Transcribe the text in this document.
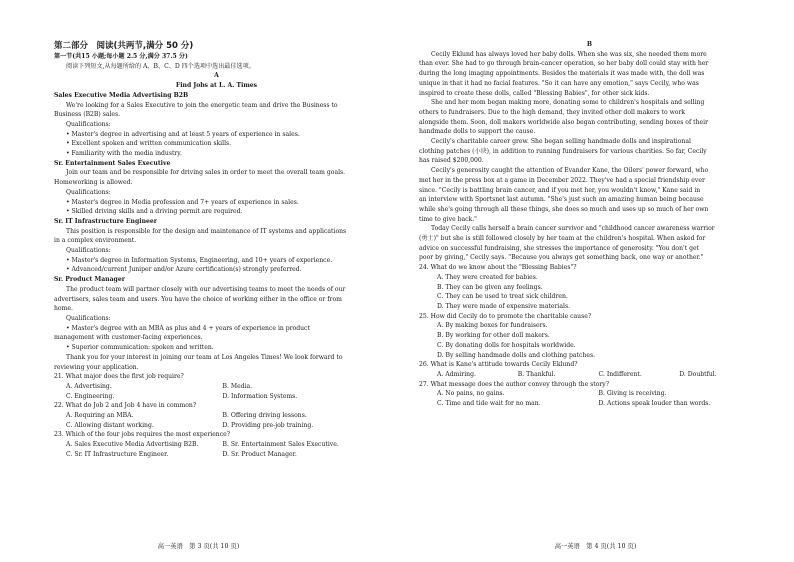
第二部分　阅读(共两节,满分 50 分)
第一节(共15 小题;每小题 2.5 分,满分 37.5 分)
阅读下列短文,从每题所给的 A、B、C、D 四个选项中选出最佳选项。
A
Find Jobs at L. A. Times
Sales Executive Media Advertising B2B
We're looking for a Sales Executive to join the energetic team and drive the Business to
Business (B2B) sales.
Qualifications:
• Master's degree in advertising and at least 5 years of experience in sales.
• Excellent spoken and written communication skills.
• Familiarity with the media industry.
Sr. Entertainment Sales Executive
Join our team and be responsible for driving sales in order to meet the overall team goals.
Homeworking is allowed.
Qualifications:
• Master's degree in Media profession and 7+ years of experience in sales.
• Skilled driving skills and a driving permit are required.
Sr. IT Infrastructure Engineer
This position is responsible for the design and maintenance of IT systems and applications
in a complex environment.
Qualifications:
• Master's degree in Information Systems, Engineering, and 10+ years of experience.
• Advanced/current Juniper and/or Azure certification(s) strongly preferred.
Sr. Product Manager
The product team will partner closely with our advertising teams to meet the needs of our
advertisers, sales team and users. You have the choice of working either in the office or from
home.
Qualifications:
• Master's degree with an MBA as plus and 4 + years of experience in product
management with customer-facing experiences.
• Superior communication: spoken and written.
Thank you for your interest in joining our team at Los Angeles Times! We look forward to
reviewing your application.
21. What major does the first job require?
A. Advertising.	B. Media.
C. Engineering.	D. Information Systems.
22. What do Job 2 and Job 4 have in common?
A. Requiring an MBA.	B. Offering driving lessons.
C. Allowing distant working.	D. Providing pre-job training.
23. Which of the four jobs requires the most experience?
A. Sales Executive Media Advertising B2B.	B. Sr. Entertainment Sales Executive.
C. Sr. IT Infrastructure Engineer.	D. Sr. Product Manager.
高一英语　第 3 页(共 10 页)
B
Cecily Eklund has always loved her baby dolls. When she was six, she needed them more
than ever. She had to go through brain-cancer operation, so her baby doll could stay with her
during the long imaging appointments. Besides the materials it was made with, the doll was
unique in that it had no facial features. "So it can have any emotion," says Cecily, who was
inspired to create these dolls, called "Blessing Babies", for other sick kids.
She and her mom began making more, donating some to children's hospitals and selling
others to fundraisers. Due to the high demand, they invited other doll makers to work
alongside them. Soon, doll makers worldwide also began contributing, sending boxes of their
handmade dolls to support the cause.
Cecily's charitable career grew. She began selling handmade dolls and inspirational
clothing patches (小块), in addition to running fundraisers for various charities. So far, Cecily
has raised $200,000.
Cecily's generosity caught the attention of Evander Kane, the Oilers' power forward, who
met her in the press box at a game in December 2022. They've had a special friendship ever
since. "Cecily is battling brain cancer, and if you met her, you wouldn't know," Kane said in
an interview with Sportsnet last autumn. "She's just such an amazing human being because
while she's going through all these things, she does so much and uses up so much of her own
time to give back."
Today Cecily calls herself a brain cancer survivor and "childhood cancer awareness warrior
(勇士)" but she is still followed closely by her team at the children's hospital. When asked for
advice on successful fundraising, she stresses the importance of generosity. "You don't get
poor by giving," Cecily says. "Because you always get something back, one way or another."
24. What do we know about the "Blessing Babies"?
A. They were created for babies.
B. They can be given any feelings.
C. They can be used to treat sick children.
D. They were made of expensive materials.
25. How did Cecily do to promote the charitable cause?
A. By making boxes for fundraisers.
B. By working for other doll makers.
C. By donating dolls for hospitals worldwide.
D. By selling handmade dolls and clothing patches.
26. What is Kane's attitude towards Cecily Eklund?
A. Admiring.	B. Thankful.	C. Indifferent.	D. Doubtful.
27. What message does the author convey through the story?
A. No pains, no gains.	B. Giving is receiving.
C. Time and tide wait for no man.	D. Actions speak louder than words.
高一英语　第 4 页(共 10 页)
